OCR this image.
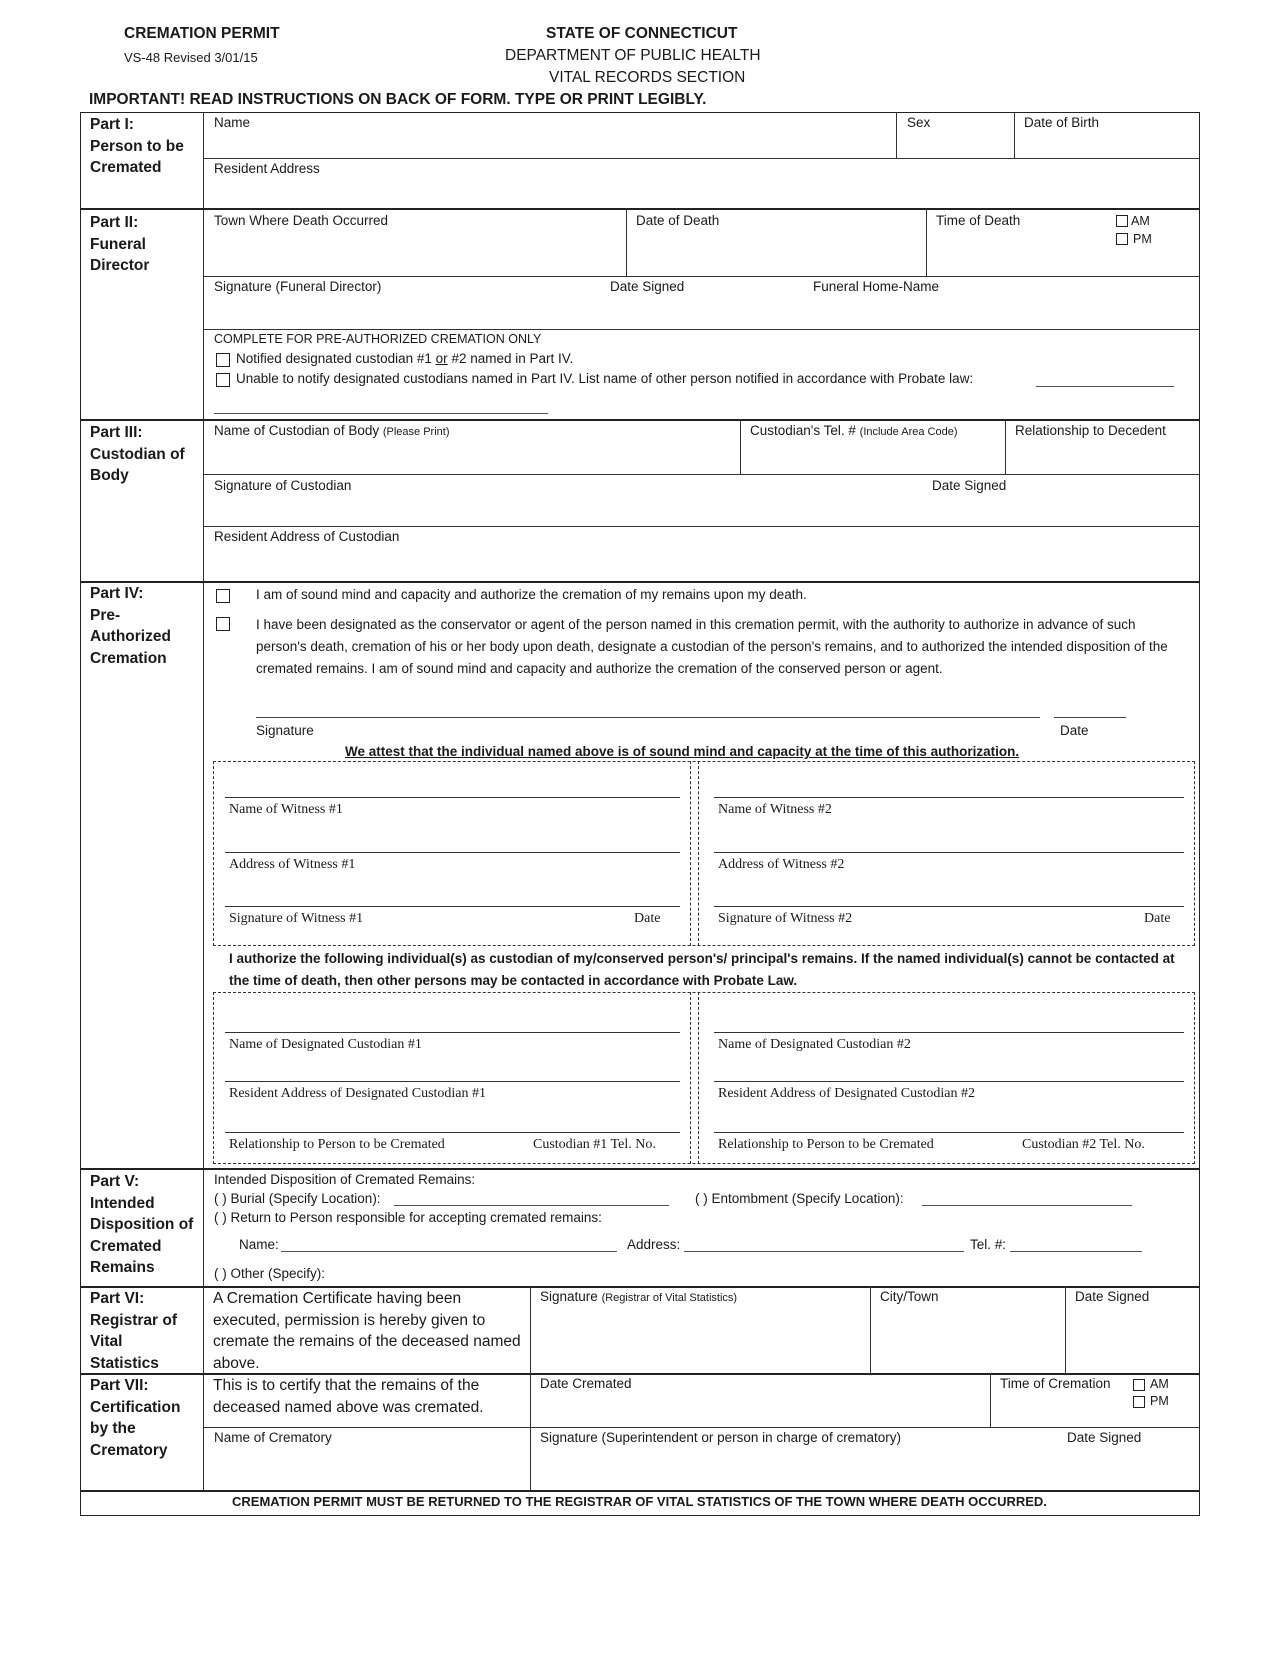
CREMATION PERMIT
VS-48 Revised 3/01/15
STATE OF CONNECTICUT
DEPARTMENT OF PUBLIC HEALTH
VITAL RECORDS SECTION
IMPORTANT! READ INSTRUCTIONS ON BACK OF FORM. TYPE OR PRINT LEGIBLY.
Part I:
Person to be
Cremated
Name	Sex	Date of Birth
Resident Address
Part II:
Funeral
Director
Town Where Death Occurred	Date of Death	Time of Death	AM
PM
Signature (Funeral Director)	Date Signed	Funeral Home-Name
COMPLETE FOR PRE-AUTHORIZED CREMATION ONLY
Notified designated custodian #1 or #2 named in Part IV.
Unable to notify designated custodians named in Part IV. List name of other person notified in accordance with Probate law:
Part III:
Custodian of
Body
Name of Custodian of Body (Please Print)	Custodian's Tel. # (Include Area Code)	Relationship to Decedent
Signature of Custodian	Date Signed
Resident Address of Custodian
Part IV:
Pre-
Authorized
Cremation
I am of sound mind and capacity and authorize the cremation of my remains upon my death.
I have been designated as the conservator or agent of the person named in this cremation permit, with the authority to authorize in advance of such person's death, cremation of his or her body upon death, designate a custodian of the person's remains, and to authorized the intended disposition of the cremated remains. I am of sound mind and capacity and authorize the cremation of the conserved person or agent.
Signature	Date
We attest that the individual named above is of sound mind and capacity at the time of this authorization.
Name of Witness #1
Address of Witness #1
Signature of Witness #1	Date
Name of Witness #2
Address of Witness #2
Signature of Witness #2	Date
I authorize the following individual(s) as custodian of my/conserved person's/ principal's remains. If the named individual(s) cannot be contacted at the time of death, then other persons may be contacted in accordance with Probate Law.
Name of Designated Custodian #1
Resident Address of Designated Custodian #1
Relationship to Person to be Cremated	Custodian #1 Tel. No.
Name of Designated Custodian #2
Resident Address of Designated Custodian #2
Relationship to Person to be Cremated	Custodian #2 Tel. No.
Part V:
Intended
Disposition of
Cremated
Remains
Intended Disposition of Cremated Remains:
( ) Burial (Specify Location):	( ) Entombment (Specify Location):
( ) Return to Person responsible for accepting cremated remains:
Name:	Address:	Tel. #:
( ) Other (Specify):
Part VI:
Registrar of
Vital
Statistics
A Cremation Certificate having been executed, permission is hereby given to cremate the remains of the deceased named above.
Signature (Registrar of Vital Statistics)	City/Town	Date Signed
Part VII:
Certification
by the
Crematory
This is to certify that the remains of the deceased named above was cremated.
Date Cremated	Time of Cremation	AM
PM
Name of Crematory	Signature (Superintendent or person in charge of crematory)	Date Signed
CREMATION PERMIT MUST BE RETURNED TO THE REGISTRAR OF VITAL STATISTICS OF THE TOWN WHERE DEATH OCCURRED.
